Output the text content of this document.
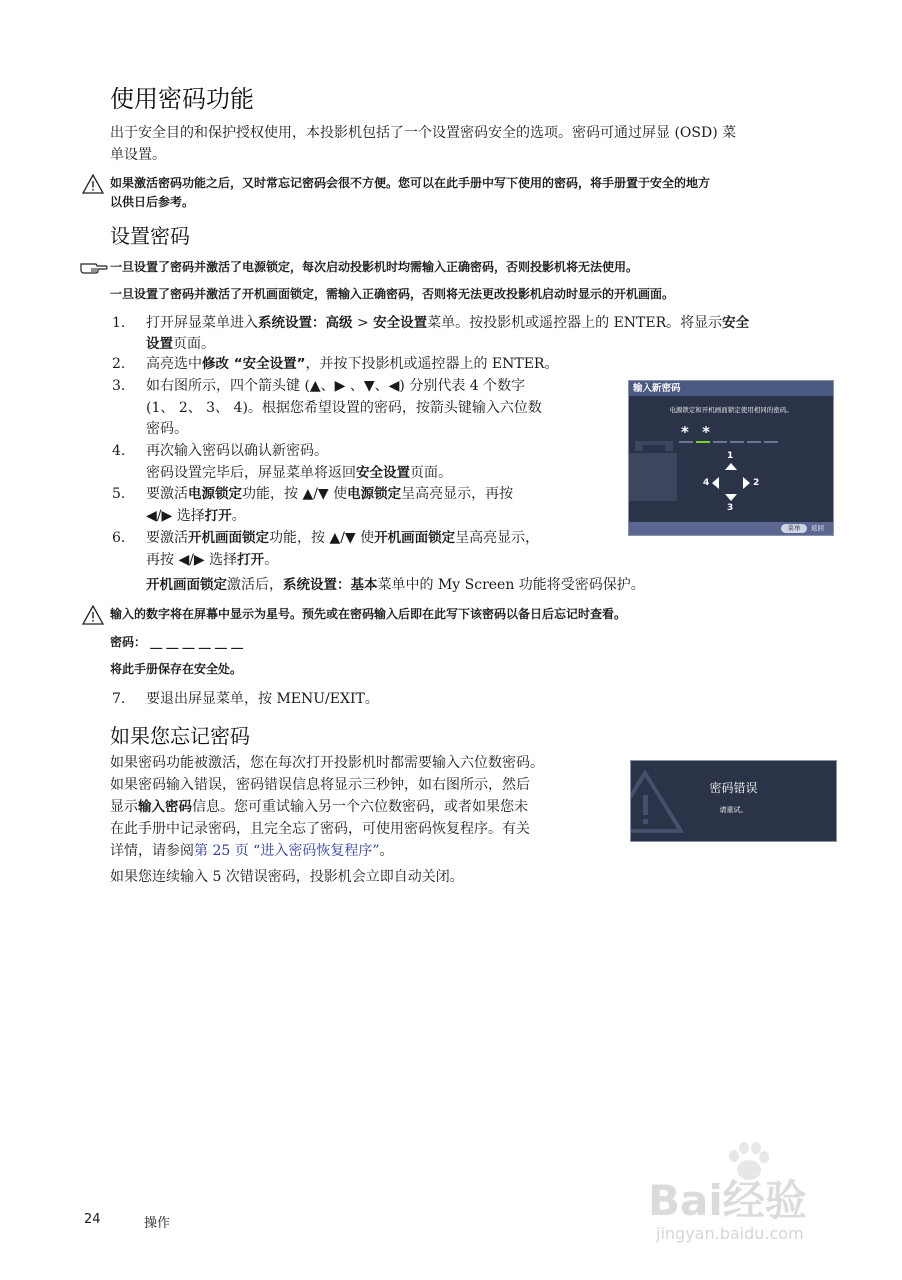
使用密码功能
出于安全目的和保护授权使用，本投影机包括了一个设置密码安全的选项。密码可通过屏显 (OSD) 菜
单设置。
如果激活密码功能之后，又时常忘记密码会很不方便。您可以在此手册中写下使用的密码，将手册置于安全的地方
以供日后参考。
设置密码
一旦设置了密码并激活了电源锁定，每次启动投影机时均需输入正确密码，否则投影机将无法使用。
一旦设置了密码并激活了开机画面锁定，需输入正确密码，否则将无法更改投影机启动时显示的开机画面。
1. 打开屏显菜单进入系统设置：高级 > 安全设置菜单。按投影机或遥控器上的 ENTER。将显示安全
设置页面。
2. 高亮选中修改 “安全设置”，并按下投影机或遥控器上的 ENTER。
3. 如右图所示，四个箭头键 (▲、▶ 、▼、◀) 分别代表 4 个数字
(1、 2、 3、 4)。根据您希望设置的密码，按箭头键输入六位数
密码。
4. 再次输入密码以确认新密码。
密码设置完毕后，屏显菜单将返回安全设置页面。
5. 要激活电源锁定功能，按 ▲/▼ 使电源锁定呈高亮显示，再按
◀/▶ 选择打开。
6. 要激活开机画面锁定功能，按 ▲/▼ 使开机画面锁定呈高亮显示，
再按 ◀/▶ 选择打开。
开机画面锁定激活后，系统设置：基本菜单中的 My Screen 功能将受密码保护。
输入新密码
电源锁定和开机画面锁定使用相同的密码。
* *
1
4	2
3
菜单	返回
输入的数字将在屏幕中显示为星号。预先或在密码输入后即在此写下该密码以备日后忘记时查看。
密码： __ __ __ __ __ __
将此手册保存在安全处。
7. 要退出屏显菜单，按 MENU/EXIT。
如果您忘记密码
如果密码功能被激活，您在每次打开投影机时都需要输入六位数密码。
如果密码输入错误，密码错误信息将显示三秒钟，如右图所示，然后
显示输入密码信息。您可重试输入另一个六位数密码，或者如果您未
在此手册中记录密码，且完全忘了密码，可使用密码恢复程序。有关
详情，请参阅第 25 页 “进入密码恢复程序”。
如果您连续输入 5 次错误密码，投影机会立即自动关闭。
密码错误
请重试。
24	操作	Bai经验
jingyan.baidu.com
